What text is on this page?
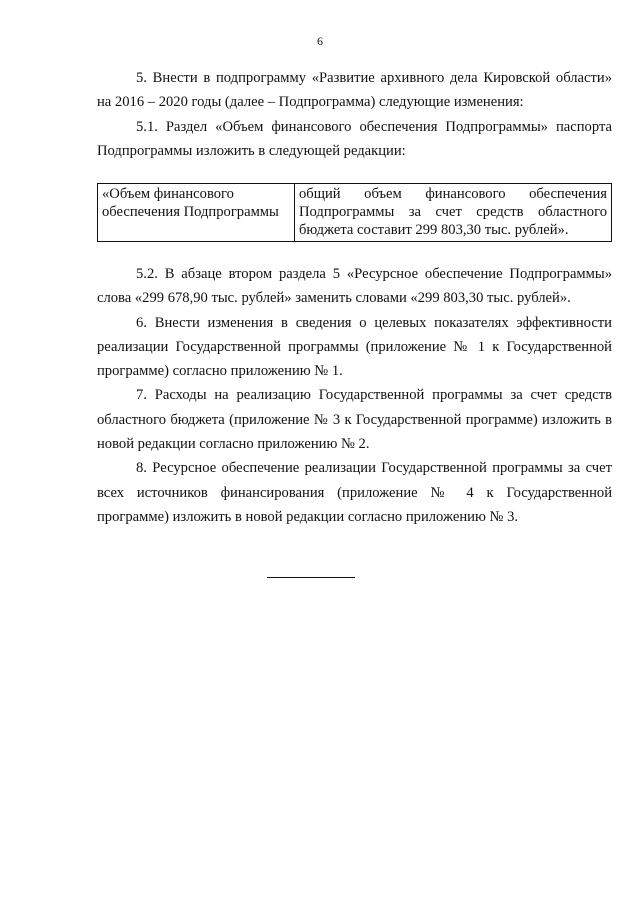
6

5. Внести в подпрограмму «Развитие архивного дела Кировской области» на 2016 – 2020 годы (далее – Подпрограмма) следующие изменения:

5.1. Раздел «Объем финансового обеспечения Подпрограммы» паспорта Подпрограммы изложить в следующей редакции:

«Объем финансового обеспечения Подпрограммы	общий объем финансового обеспечения Подпрограммы за счет средств областного бюджета составит 299 803,30 тыс. рублей».

5.2. В абзаце втором раздела 5 «Ресурсное обеспечение Подпрограммы» слова «299 678,90 тыс. рублей» заменить словами «299 803,30 тыс. рублей».

6. Внести изменения в сведения о целевых показателях эффективности реализации Государственной программы (приложение № 1 к Государственной программе) согласно приложению № 1.

7. Расходы на реализацию Государственной программы за счет средств областного бюджета (приложение № 3 к Государственной программе) изложить в новой редакции согласно приложению № 2.

8. Ресурсное обеспечение реализации Государственной программы за счет всех источников финансирования (приложение № 4 к Государственной программе) изложить в новой редакции согласно приложению № 3.
